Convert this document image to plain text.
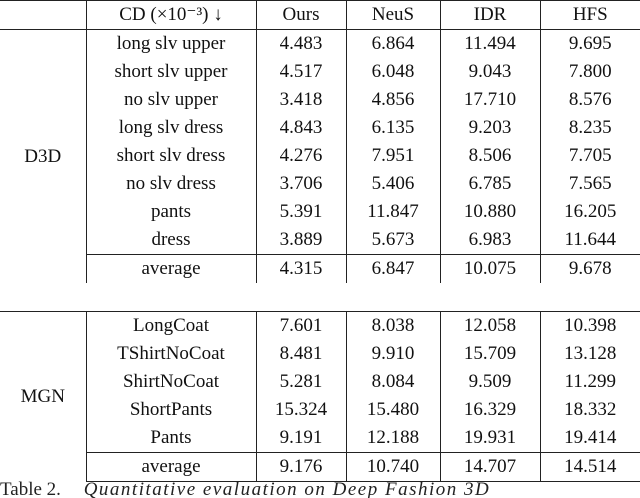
	CD (×10⁻³) ↓	Ours	NeuS	IDR	HFS
D3D	long slv upper	4.483	6.864	11.494	9.695
	short slv upper	4.517	6.048	9.043	7.800
	no slv upper	3.418	4.856	17.710	8.576
	long slv dress	4.843	6.135	9.203	8.235
	short slv dress	4.276	7.951	8.506	7.705
	no slv dress	3.706	5.406	6.785	7.565
	pants	5.391	11.847	10.880	16.205
	dress	3.889	5.673	6.983	11.644
	average	4.315	6.847	10.075	9.678

MGN	LongCoat	7.601	8.038	12.058	10.398
	TShirtNoCoat	8.481	9.910	15.709	13.128
	ShirtNoCoat	5.281	8.084	9.509	11.299
	ShortPants	15.324	15.480	16.329	18.332
	Pants	9.191	12.188	19.931	19.414
	average	9.176	10.740	14.707	14.514
Table 2. Quantitative evaluation on Deep Fashion 3D
